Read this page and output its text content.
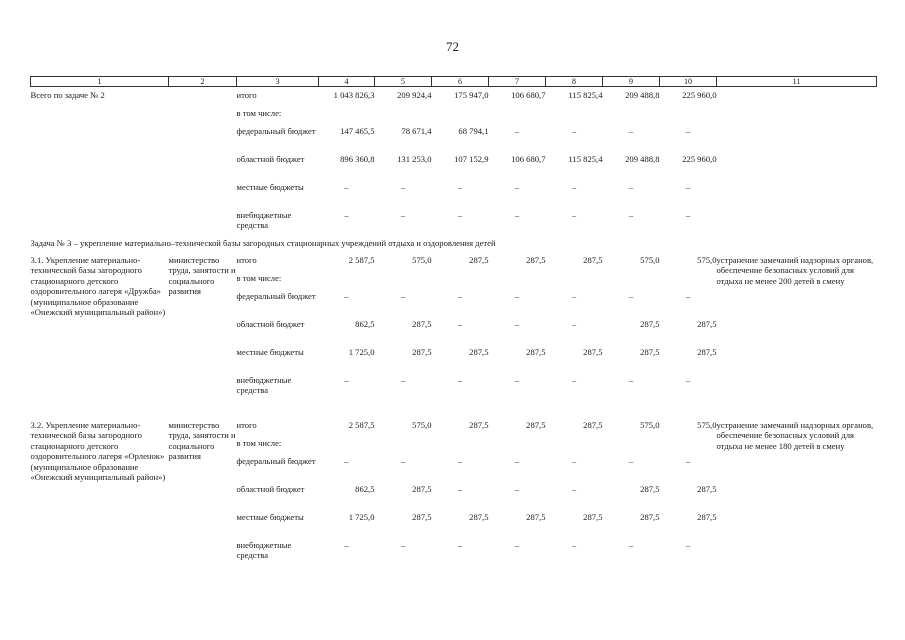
72
1	2	3	4	5	6	7	8	9	10	11
Всего по задаче № 2		итого	1 043 826,3	209 924,4	175 947,0	106 680,7	115 825,4	209 488,8	225 960,0	
		в том числе:								
		федеральный бюджет	147 465,5	78 671,4	68 794,1	–	–	–	–	
		областной бюджет	896 360,8	131 253,0	107 152,9	106 680,7	115 825,4	209 488,8	225 960,0	
		местные бюджеты	–	–	–	–	–	–	–	
		внебюджетные средства	–	–	–	–	–	–	–	
Задача № 3 – укрепление материально–технической базы загородных стационарных учреждений отдыха и оздоровления детей										
3.1. Укрепление материально-технической базы загородного стационарного детского оздоровительного лагеря «Дружба» (муниципальное образование «Онежский муниципальный район»)	министерство труда, занятости и социального развития	итого	2 587,5	575,0	287,5	287,5	287,5	575,0	575,0	устранение замечаний надзорных органов, обеспечение безопасных условий для отдыха не менее 200 детей в смену
		в том числе:								
		федеральный бюджет	–	–	–	–	–	–	–	
		областной бюджет	862,5	287,5	–	–	–	287,5	287,5	
		местные бюджеты	1 725,0	287,5	287,5	287,5	287,5	287,5	287,5	
		внебюджетные средства	–	–	–	–	–	–	–	

3.2. Укрепление материально-технической базы загородного стационарного детского оздоровительного лагеря «Орленок» (муниципальное образование «Онежский муниципальный район»)	министерство труда, занятости и социального развития	итого	2 587,5	575,0	287,5	287,5	287,5	575,0	575,0	устранение замечаний надзорных органов, обеспечение безопасных условий для отдыха не менее 180 детей в смену
		в том числе:								
		федеральный бюджет	–	–	–	–	–	–	–	
		областной бюджет	862,5	287,5	–	–	–	287,5	287,5	
		местные бюджеты	1 725,0	287,5	287,5	287,5	287,5	287,5	287,5	
		внебюджетные средства	–	–	–	–	–	–	–	
